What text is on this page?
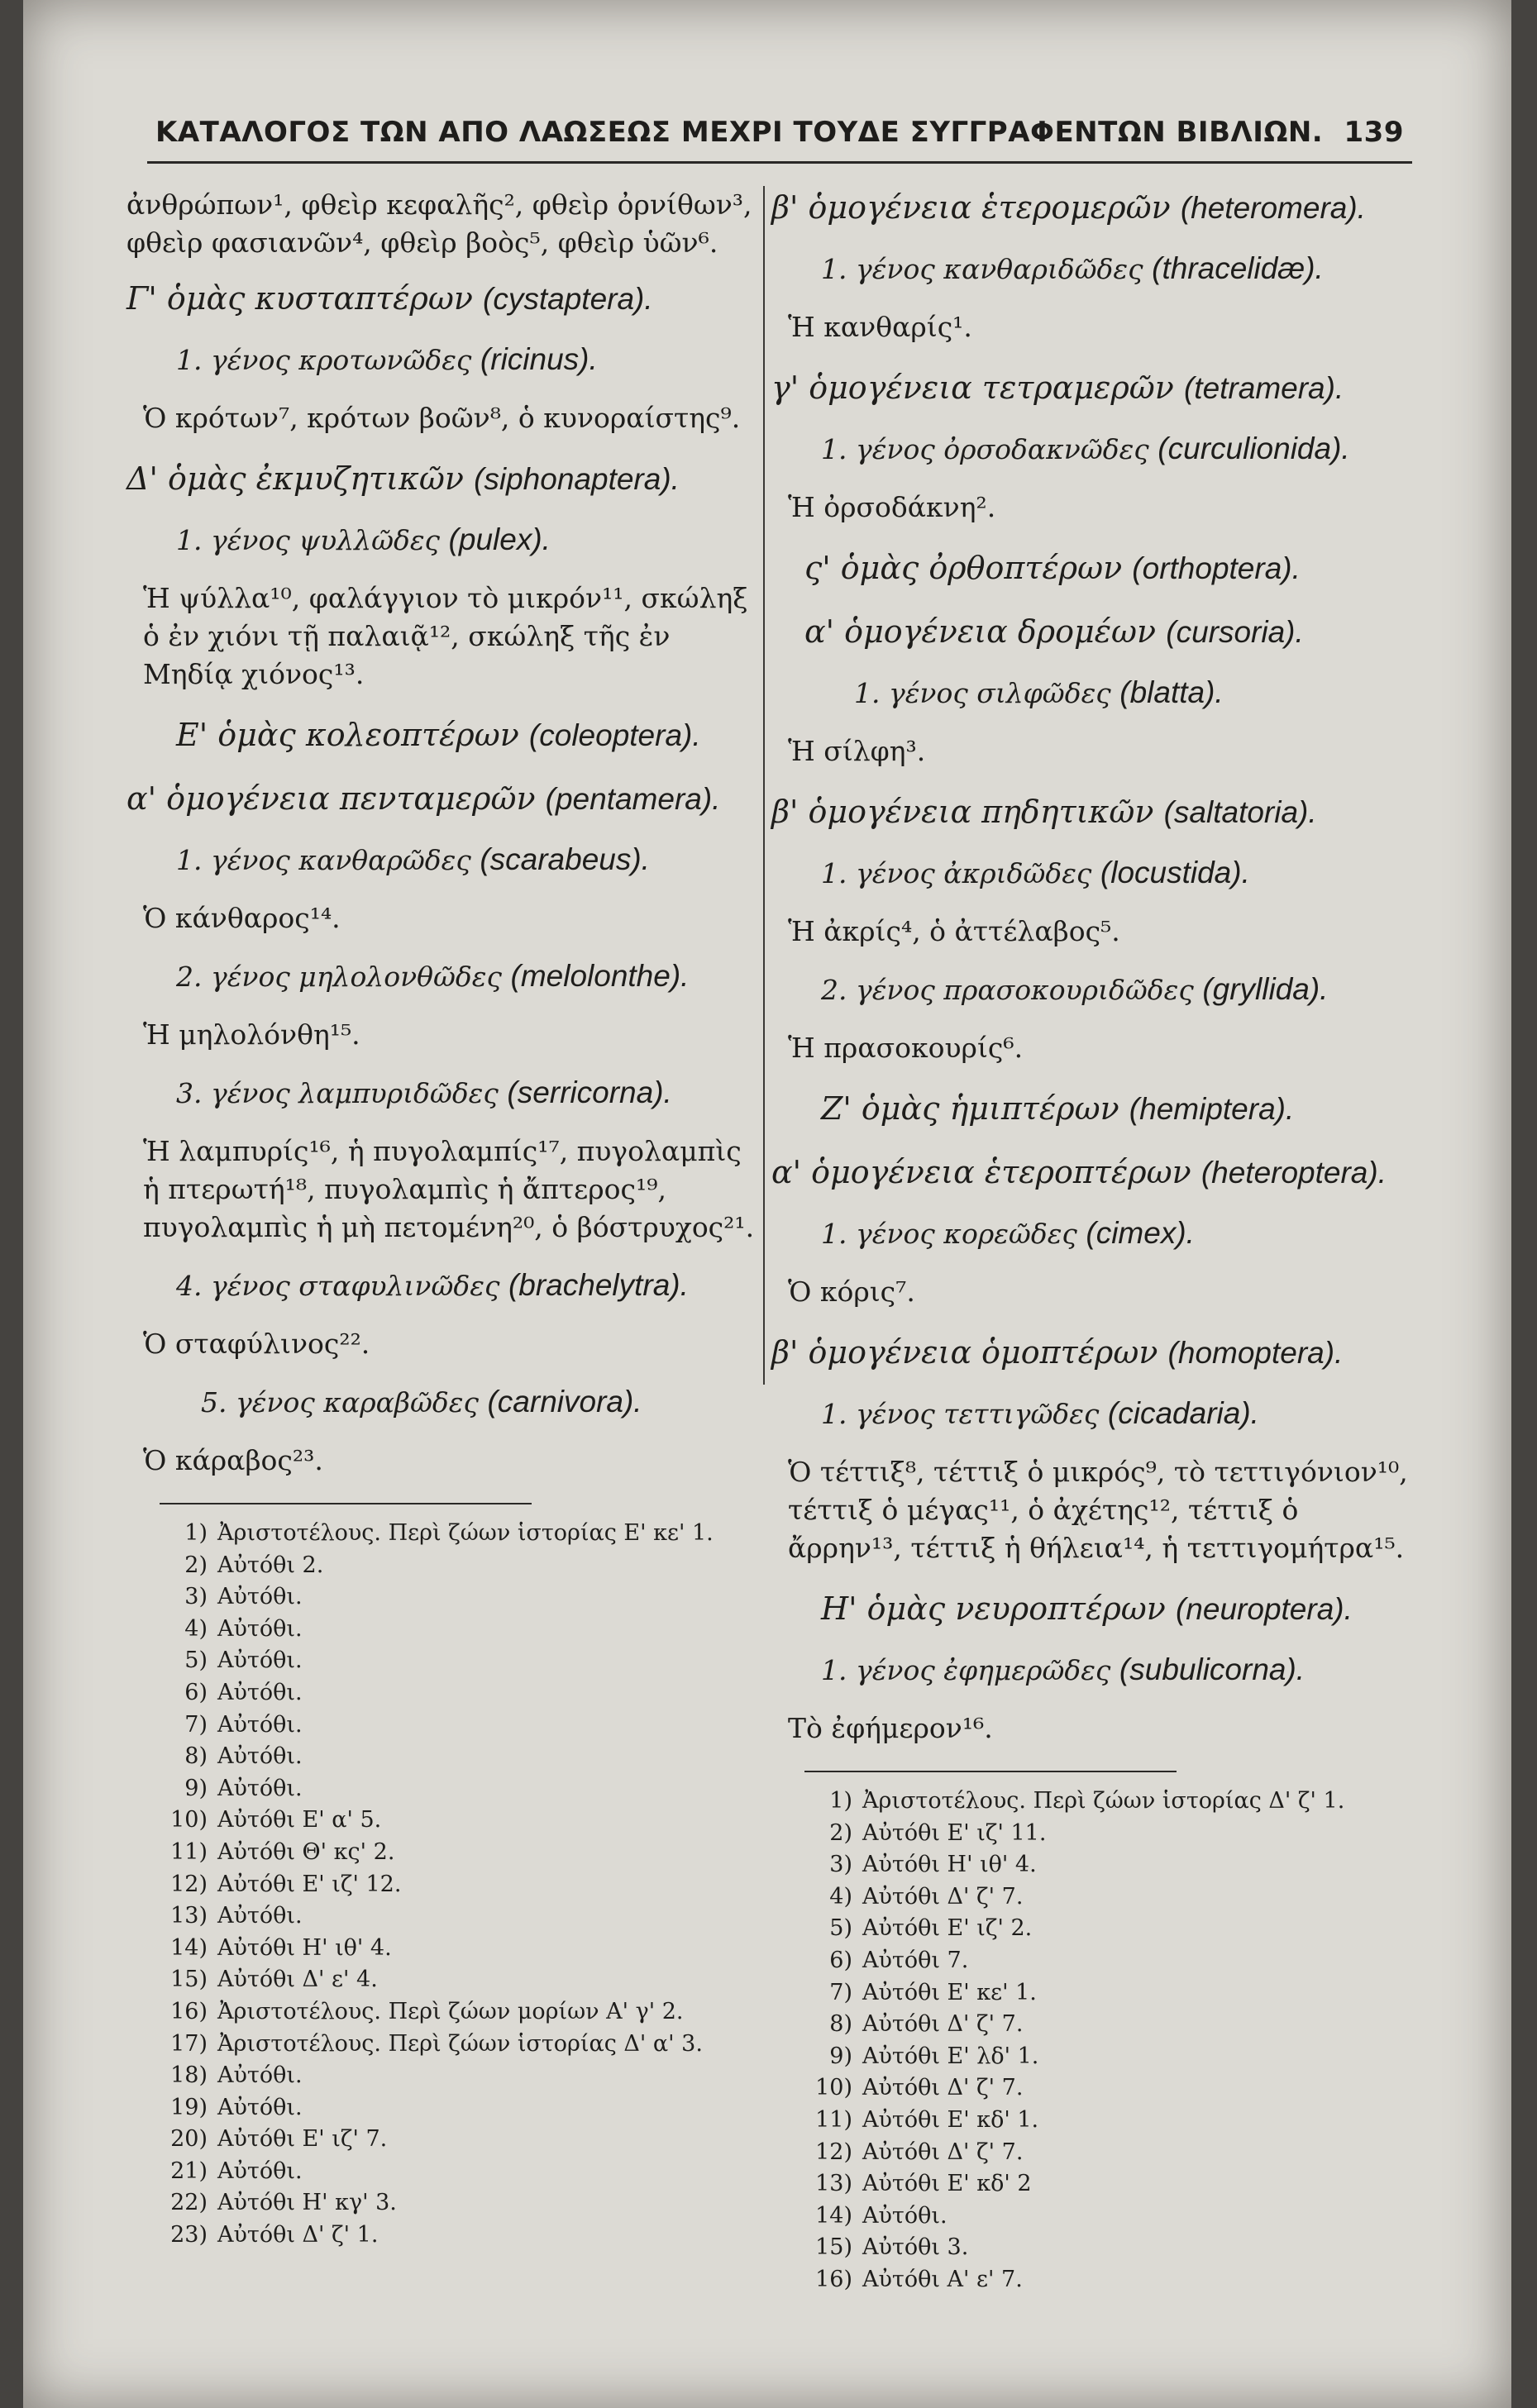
ΚΑΤΑΛΟΓΟΣ ΤΩΝ ΑΠΟ ΛΑΩΣΕΩΣ ΜΕΧΡΙ ΤΟΥΔΕ ΣΥΓΓΡΑΦΕΝΤΩΝ ΒΙΒΛΙΩΝ. 139
ἀνθρώπων¹, φθεὶρ κεφαλῆς², φθεὶρ ὀρνίθων³, φθεὶρ φασιανῶν⁴, φθεὶρ βοὸς⁵, φθεὶρ ὑῶν⁶.
Γ' ὁμὰς κυσταπτέρων (cystaptera).
1. γένος κροτωνῶδες (ricinus).
Ὁ κρότων⁷, κρότων βοῶν⁸, ὁ κυνοραίστης⁹.
Δ' ὁμὰς ἐκμυζητικῶν (siphonaptera).
1. γένος ψυλλῶδες (pulex).
Ἡ ψύλλα¹⁰, φαλάγγιον τὸ μικρόν¹¹, σκώληξ ὁ ἐν χιόνι τῇ παλαιᾷ¹², σκώληξ τῆς ἐν Μηδίᾳ χιόνος¹³.
Ε' ὁμὰς κολεοπτέρων (coleoptera).
α' ὁμογένεια πενταμερῶν (pentamera).
1. γένος κανθαρῶδες (scarabeus).
Ὁ κάνθαρος¹⁴.
2. γένος μηλολονθῶδες (melolonthe).
Ἡ μηλολόνθη¹⁵.
3. γένος λαμπυριδῶδες (serricorna).
Ἡ λαμπυρίς¹⁶, ἡ πυγολαμπίς¹⁷, πυγολαμπὶς ἡ πτερωτή¹⁸, πυγολαμπὶς ἡ ἄπτερος¹⁹, πυγολαμπὶς ἡ μὴ πετομένη²⁰, ὁ βόστρυχος²¹.
4. γένος σταφυλινῶδες (brachelytra).
Ὁ σταφύλινος²².
5. γένος καραβῶδες (carnivora).
Ὁ κάραβος²³.
1) Ἀριστοτέλους. Περὶ ζώων ἱστορίας Ε' κε' 1.
2) Αὐτόθι 2.
3) Αὐτόθι.
4) Αὐτόθι.
5) Αὐτόθι.
6) Αὐτόθι.
7) Αὐτόθι.
8) Αὐτόθι.
9) Αὐτόθι.
10) Αὐτόθι Ε' α' 5.
11) Αὐτόθι Θ' κς' 2.
12) Αὐτόθι Ε' ιζ' 12.
13) Αὐτόθι.
14) Αὐτόθι Η' ιθ' 4.
15) Αὐτόθι Δ' ε' 4.
16) Ἀριστοτέλους. Περὶ ζώων μορίων Α' γ' 2.
17) Ἀριστοτέλους. Περὶ ζώων ἱστορίας Δ' α' 3.
18) Αὐτόθι.
19) Αὐτόθι.
20) Αὐτόθι Ε' ιζ' 7.
21) Αὐτόθι.
22) Αὐτόθι Η' κγ' 3.
23) Αὐτόθι Δ' ζ' 1.
β' ὁμογένεια ἑτερομερῶν (heteromera).
1. γένος κανθαριδῶδες (thracelidæ).
Ἡ κανθαρίς¹.
γ' ὁμογένεια τετραμερῶν (tetramera).
1. γένος ὀρσοδακνῶδες (curculionida).
Ἡ ὀρσοδάκνη².
ς' ὁμὰς ὀρθοπτέρων (orthoptera).
α' ὁμογένεια δρομέων (cursoria).
1. γένος σιλφῶδες (blatta).
Ἡ σίλφη³.
β' ὁμογένεια πηδητικῶν (saltatoria).
1. γένος ἀκριδῶδες (locustida).
Ἡ ἀκρίς⁴, ὁ ἀττέλαβος⁵.
2. γένος πρασοκουριδῶδες (gryllida).
Ἡ πρασοκουρίς⁶.
Ζ' ὁμὰς ἡμιπτέρων (hemiptera).
α' ὁμογένεια ἑτεροπτέρων (heteroptera).
1. γένος κορεῶδες (cimex).
Ὁ κόρις⁷.
β' ὁμογένεια ὁμοπτέρων (homoptera).
1. γένος τεττιγῶδες (cicadaria).
Ὁ τέττιξ⁸, τέττιξ ὁ μικρός⁹, τὸ τεττιγόνιον¹⁰, τέττιξ ὁ μέγας¹¹, ὁ ἀχέτης¹², τέττιξ ὁ ἄρρην¹³, τέττιξ ἡ θήλεια¹⁴, ἡ τεττιγομήτρα¹⁵.
Η' ὁμὰς νευροπτέρων (neuroptera).
1. γένος ἐφημερῶδες (subulicorna).
Τὸ ἐφήμερον¹⁶.
1) Ἀριστοτέλους. Περὶ ζώων ἱστορίας Δ' ζ' 1.
2) Αὐτόθι Ε' ιζ' 11.
3) Αὐτόθι Η' ιθ' 4.
4) Αὐτόθι Δ' ζ' 7.
5) Αὐτόθι Ε' ιζ' 2.
6) Αὐτόθι 7.
7) Αὐτόθι Ε' κε' 1.
8) Αὐτόθι Δ' ζ' 7.
9) Αὐτόθι Ε' λδ' 1.
10) Αὐτόθι Δ' ζ' 7.
11) Αὐτόθι Ε' κδ' 1.
12) Αὐτόθι Δ' ζ' 7.
13) Αὐτόθι Ε' κδ' 2
14) Αὐτόθι.
15) Αὐτόθι 3.
16) Αὐτόθι Α' ε' 7.
